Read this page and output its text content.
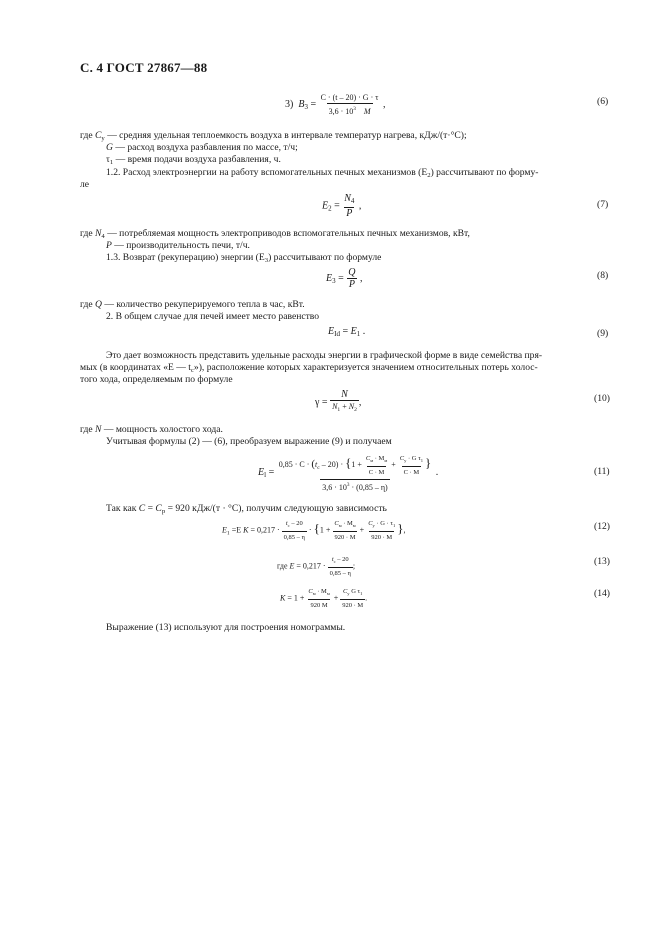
С. 4 ГОСТ 27867—88
3) $B_3 = \frac{C \cdot (t - 20) \cdot G \cdot \tau}{3,6 \cdot 10^3 M}$ ,	(6)
где $C_у$ — средняя удельная теплоемкость воздуха в интервале температур нагрева, кДж/(т·°С);
G — расход воздуха разбавления по массе, т/ч;
$\tau_1$ — время подачи воздуха разбавления, ч.
1.2. Расход электроэнергии на работу вспомогательных печных механизмов $(E_2)$ рассчитывают по форму-
ле
$E_2 = \frac{N_4}{P}$ ,	(7)
где $N_4$ — потребляемая мощность электроприводов вспомогательных печных механизмов, кВт,
P — производительность печи, т/ч.
1.3. Возврат (рекуперацию) энергии $(E_3)$ рассчитывают по формуле
$E_3 = \frac{Q}{P}$ ,	(8)
где Q — количество рекуперируемого тепла в час, кВт.
2. В общем случае для печей имеет место равенство
$E_{Id} = E_1$ .	(9)
Это дает возможность представить удельные расходы энергии в графической форме в виде семейства пря-
мых (в координатах «E — $t_c$»), расположение которых характеризуется значением относительных потерь холос-
того хода, определяемым по формуле
$\gamma = \frac{N}{N_1 + N_2}$ ,	(10)
где N — мощность холостого хода.
Учитывая формулы (2) — (6), преобразуем выражение (9) и получаем
$E_l$ =
$0,85 \cdot C \cdot (t_c - 20) \cdot \{1 + \frac{C_м \cdot M_м}{C \cdot M} + \frac{C_у \cdot G \tau_1}{C \cdot M}$ }
$3,6 \cdot 10^3 \cdot (0,85 - \eta)$
.	(11)
Так как $C = C_р = 920$ кДж/(т · °С), получим следующую зависимость
$E_1 =E$ $K = 0,217 \cdot \frac{t_c - 20}{0,85 - \eta} \cdot \{1 + \frac{C_м \cdot M_м}{920 \cdot M} + \frac{C_у \cdot G \cdot \tau_1}{920 \cdot M}$ },	(12)
где $E = 0,217 \cdot \frac{t_c - 20}{0,85 - \eta}$ ;	(13)
$K = 1 + \frac{C_м \cdot M_м}{920 M} + \frac{C_у G \tau_1}{920 \cdot M}$ .	(14)
Выражение (13) используют для построения номограммы.
